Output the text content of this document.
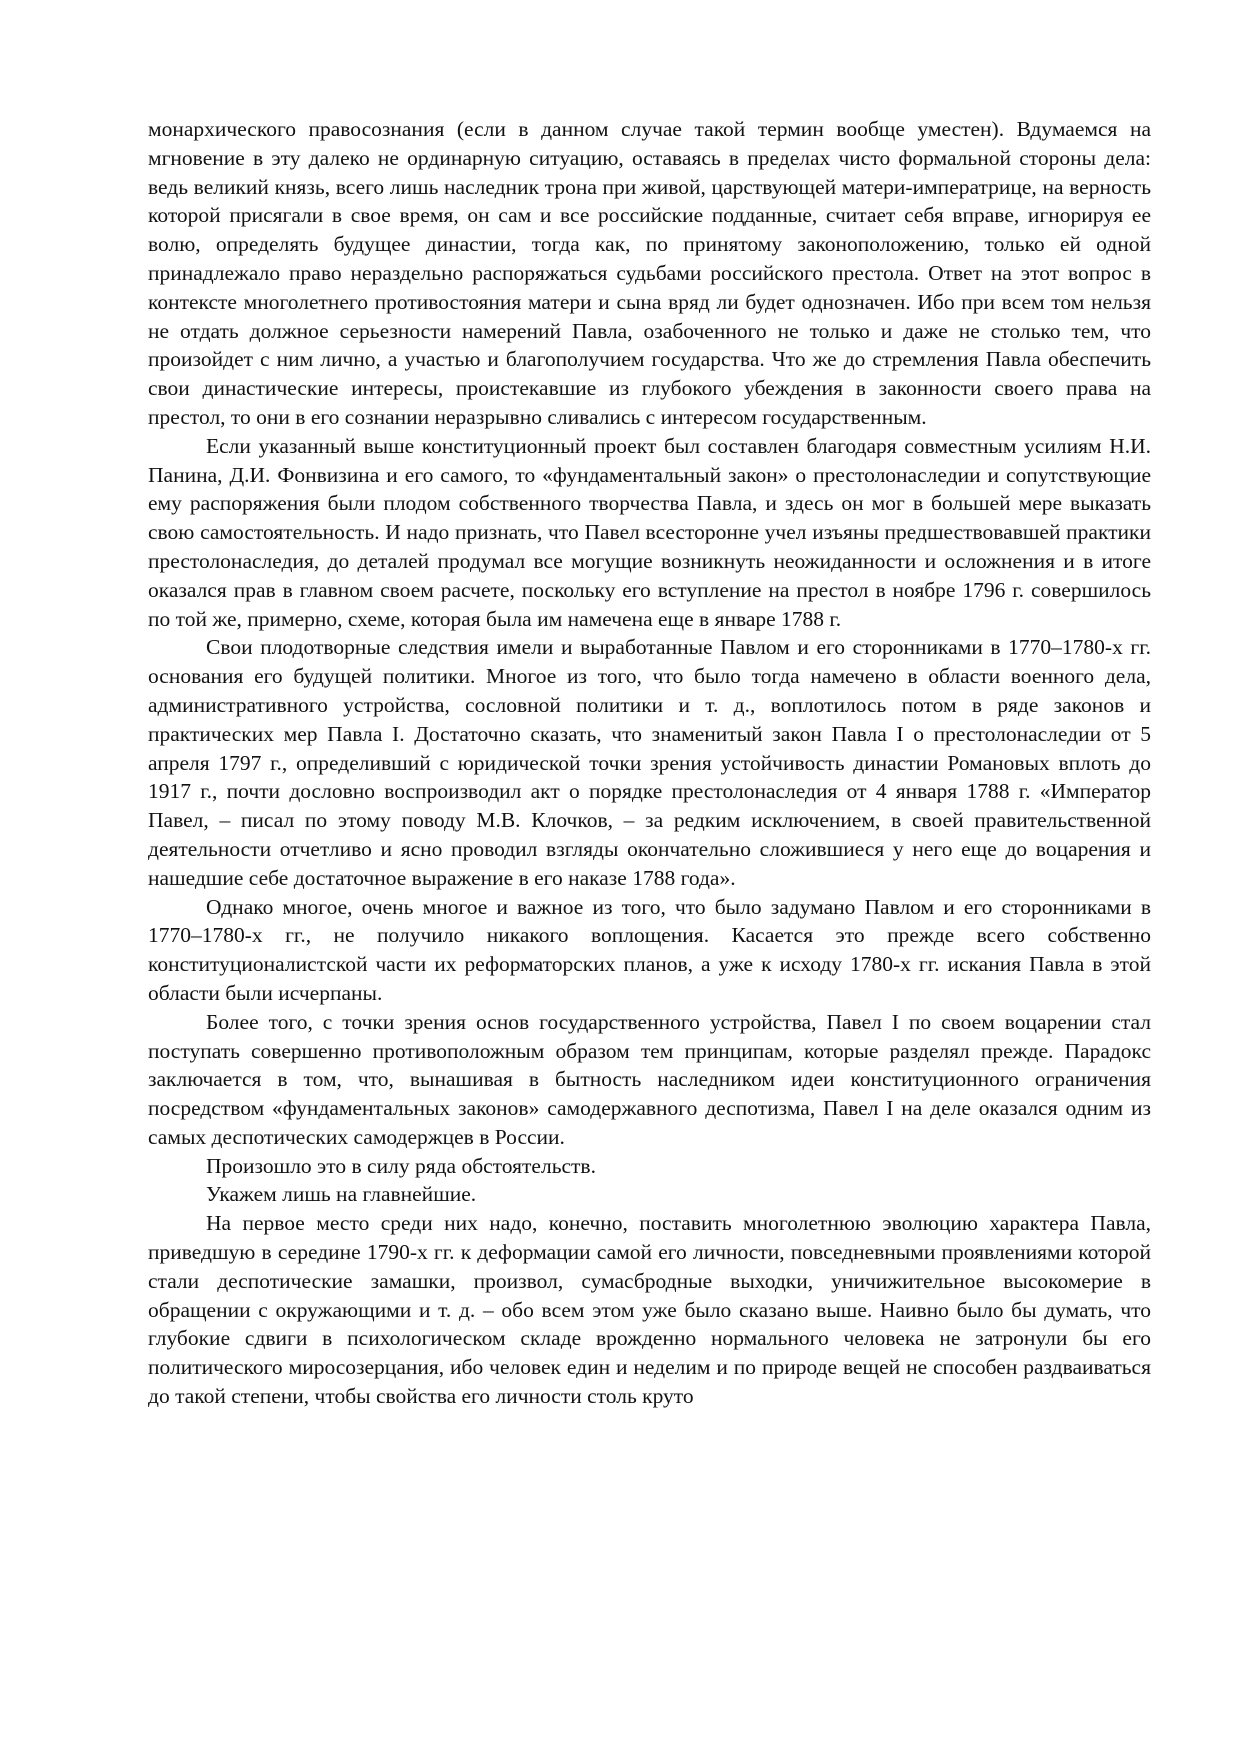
монархического правосознания (если в данном случае такой термин вообще уместен). Вдумаемся на мгновение в эту далеко не ординарную ситуацию, оставаясь в пределах чисто формальной стороны дела: ведь великий князь, всего лишь наследник трона при живой, царствующей матери-императрице, на верность которой присягали в свое время, он сам и все российские подданные, считает себя вправе, игнорируя ее волю, определять будущее династии, тогда как, по принятому законоположению, только ей одной принадлежало право нераздельно распоряжаться судьбами российского престола. Ответ на этот вопрос в контексте многолетнего противостояния матери и сына вряд ли будет однозначен. Ибо при всем том нельзя не отдать должное серьезности намерений Павла, озабоченного не только и даже не столько тем, что произойдет с ним лично, а участью и благополучием государства. Что же до стремления Павла обеспечить свои династические интересы, проистекавшие из глубокого убеждения в законности своего права на престол, то они в его сознании неразрывно сливались с интересом государственным.

Если указанный выше конституционный проект был составлен благодаря совместным усилиям Н.И. Панина, Д.И. Фонвизина и его самого, то «фундаментальный закон» о престолонаследии и сопутствующие ему распоряжения были плодом собственного творчества Павла, и здесь он мог в большей мере выказать свою самостоятельность. И надо признать, что Павел всесторонне учел изъяны предшествовавшей практики престолонаследия, до деталей продумал все могущие возникнуть неожиданности и осложнения и в итоге оказался прав в главном своем расчете, поскольку его вступление на престол в ноябре 1796 г. совершилось по той же, примерно, схеме, которая была им намечена еще в январе 1788 г.

Свои плодотворные следствия имели и выработанные Павлом и его сторонниками в 1770–1780-х гг. основания его будущей политики. Многое из того, что было тогда намечено в области военного дела, административного устройства, сословной политики и т. д., воплотилось потом в ряде законов и практических мер Павла I. Достаточно сказать, что знаменитый закон Павла I о престолонаследии от 5 апреля 1797 г., определивший с юридической точки зрения устойчивость династии Романовых вплоть до 1917 г., почти дословно воспроизводил акт о порядке престолонаследия от 4 января 1788 г. «Император Павел, – писал по этому поводу М.В. Клочков, – за редким исключением, в своей правительственной деятельности отчетливо и ясно проводил взгляды окончательно сложившиеся у него еще до воцарения и нашедшие себе достаточное выражение в его наказе 1788 года».

Однако многое, очень многое и важное из того, что было задумано Павлом и его сторонниками в 1770–1780-х гг., не получило никакого воплощения. Касается это прежде всего собственно конституционалистской части их реформаторских планов, а уже к исходу 1780-х гг. искания Павла в этой области были исчерпаны.

Более того, с точки зрения основ государственного устройства, Павел I по своем воцарении стал поступать совершенно противоположным образом тем принципам, которые разделял прежде. Парадокс заключается в том, что, вынашивая в бытность наследником идеи конституционного ограничения посредством «фундаментальных законов» самодержавного деспотизма, Павел I на деле оказался одним из самых деспотических самодержцев в России.

Произошло это в силу ряда обстоятельств.

Укажем лишь на главнейшие.

На первое место среди них надо, конечно, поставить многолетнюю эволюцию характера Павла, приведшую в середине 1790-х гг. к деформации самой его личности, повседневными проявлениями которой стали деспотические замашки, произвол, сумасбродные выходки, уничижительное высокомерие в обращении с окружающими и т. д. – обо всем этом уже было сказано выше. Наивно было бы думать, что глубокие сдвиги в психологическом складе врожденно нормального человека не затронули бы его политического миросозерцания, ибо человек един и неделим и по природе вещей не способен раздваиваться до такой степени, чтобы свойства его личности столь круто
